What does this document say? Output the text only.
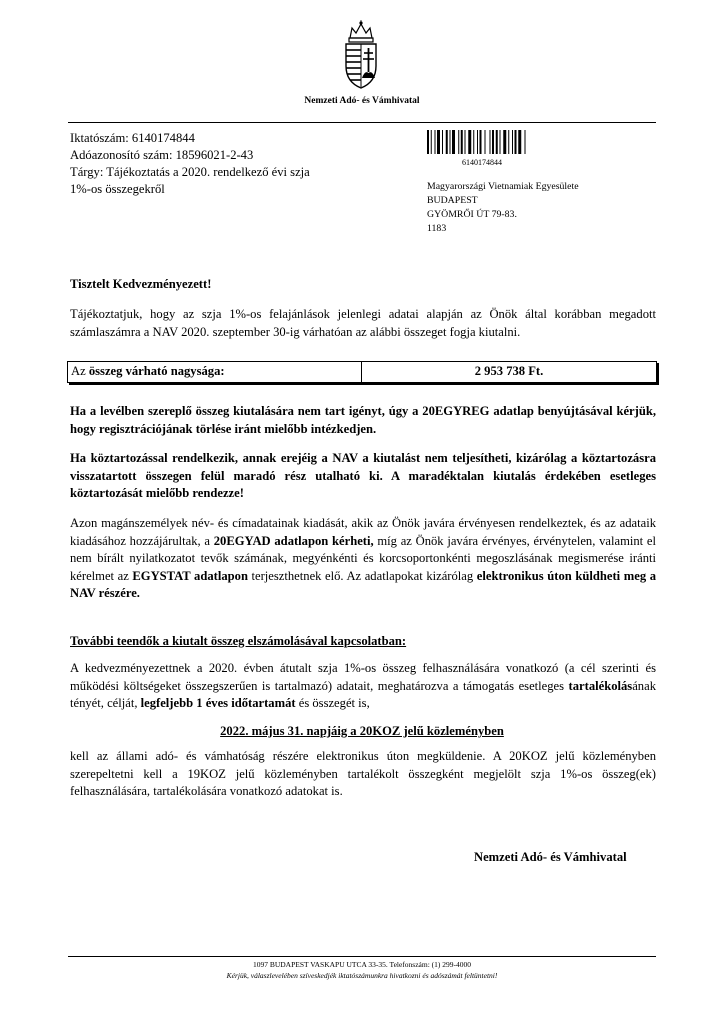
Nemzeti Adó- és Vámhivatal
Iktatószám: 6140174844
Adóazonosító szám: 18596021-2-43
Tárgy: Tájékoztatás a 2020. rendelkező évi szja
1%-os összegekről
6140174844
Magyarországi Vietnamiak Egyesülete
BUDAPEST
GYÖMRŐI ÚT 79-83.
1183
Tisztelt Kedvezményezett!
Tájékoztatjuk, hogy az szja 1%-os felajánlások jelenlegi adatai alapján az Önök által korábban megadott számlaszámra a NAV 2020. szeptember 30-ig várhatóan az alábbi összeget fogja kiutalni.
Az összeg várható nagysága:	2 953 738 Ft.
Ha a levélben szereplő összeg kiutalására nem tart igényt, úgy a 20EGYREG adatlap benyújtásával kérjük, hogy regisztrációjának törlése iránt mielőbb intézkedjen.
Ha köztartozással rendelkezik, annak erejéig a NAV a kiutalást nem teljesítheti, kizárólag a köztartozásra visszatartott összegen felül maradó rész utalható ki. A maradéktalan kiutalás érdekében esetleges köztartozását mielőbb rendezze!
Azon magánszemélyek név- és címadatainak kiadását, akik az Önök javára érvényesen rendelkeztek, és az adataik kiadásához hozzájárultak, a 20EGYAD adatlapon kérheti, míg az Önök javára érvényes, érvénytelen, valamint el nem bírált nyilatkozatot tevők számának, megyénkénti és korcsoportonkénti megoszlásának megismerése iránti kérelmet az EGYSTAT adatlapon terjeszthetnek elő. Az adatlapokat kizárólag elektronikus úton küldheti meg a NAV részére.
További teendők a kiutalt összeg elszámolásával kapcsolatban:
A kedvezményezettnek a 2020. évben átutalt szja 1%-os összeg felhasználására vonatkozó (a cél szerinti és működési költségeket összegszerűen is tartalmazó) adatait, meghatározva a támogatás esetleges tartalékolásának tényét, célját, legfeljebb 1 éves időtartamát és összegét is,
2022. május 31. napjáig a 20KOZ jelű közleményben
kell az állami adó- és vámhatóság részére elektronikus úton megküldenie. A 20KOZ jelű közleményben szerepeltetni kell a 19KOZ jelű közleményben tartalékolt összegként megjelölt szja 1%-os összeg(ek) felhasználására, tartalékolására vonatkozó adatokat is.
Nemzeti Adó- és Vámhivatal
1097 BUDAPEST VASKAPU UTCA 33-35. Telefonszám: (1) 299-4000
Kérjük, válaszlevelében szíveskedjék iktatószámunkra hivatkozni és adószámát feltüntetni!
